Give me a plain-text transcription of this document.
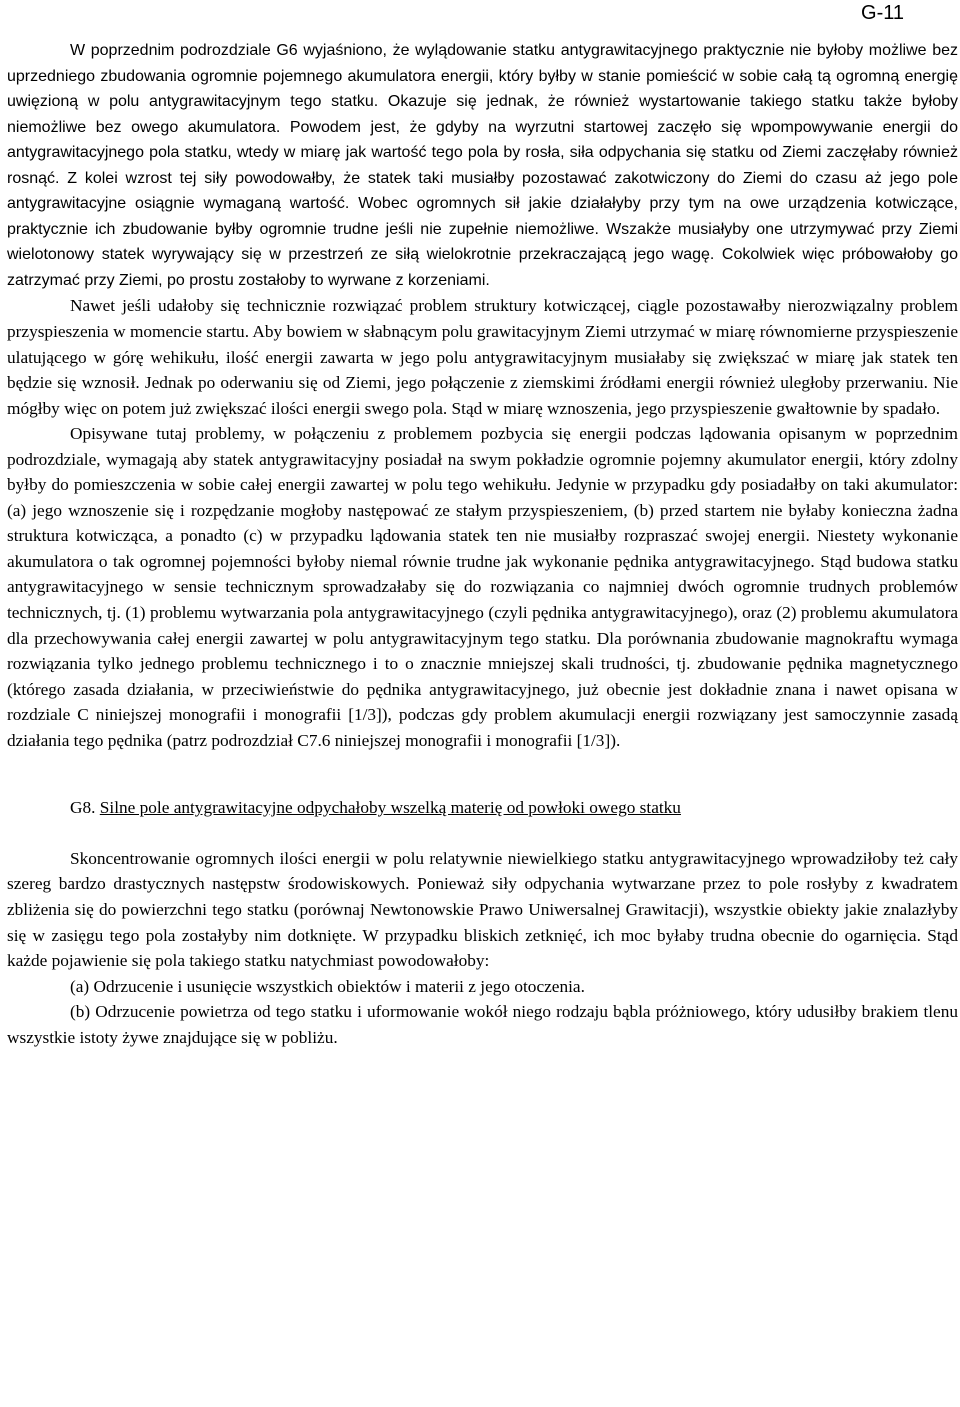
G-11

W poprzednim podrozdziale G6 wyjaśniono, że wylądowanie statku antygrawitacyjnego praktycznie nie byłoby możliwe bez uprzedniego zbudowania ogromnie pojemnego akumulatora energii, który byłby w stanie pomieścić w sobie całą tą ogromną energię uwięzioną w polu antygrawitacyjnym tego statku. Okazuje się jednak, że również wystartowanie takiego statku także byłoby niemożliwe bez owego akumulatora. Powodem jest, że gdyby na wyrzutni startowej zaczęło się wpompowywanie energii do antygrawitacyjnego pola statku, wtedy w miarę jak wartość tego pola by rosła, siła odpychania się statku od Ziemi zaczęłaby również rosnąć. Z kolei wzrost tej siły powodowałby, że statek taki musiałby pozostawać zakotwiczony do Ziemi do czasu aż jego pole antygrawitacyjne osiągnie wymaganą wartość. Wobec ogromnych sił jakie działałyby przy tym na owe urządzenia kotwiczące, praktycznie ich zbudowanie byłby ogromnie trudne jeśli nie zupełnie niemożliwe. Wszakże musiałyby one utrzymywać przy Ziemi wielotonowy statek wyrywający się w przestrzeń ze siłą wielokrotnie przekraczającą jego wagę. Cokolwiek więc próbowałoby go zatrzymać przy Ziemi, po prostu zostałoby to wyrwane z korzeniami.

Nawet jeśli udałoby się technicznie rozwiązać problem struktury kotwiczącej, ciągle pozostawałby nierozwiązalny problem przyspieszenia w momencie startu. Aby bowiem w słabnącym polu grawitacyjnym Ziemi utrzymać w miarę równomierne przyspieszenie ulatującego w górę wehikułu, ilość energii zawarta w jego polu antygrawitacyjnym musiałaby się zwiększać w miarę jak statek ten będzie się wznosił. Jednak po oderwaniu się od Ziemi, jego połączenie z ziemskimi źródłami energii również uległoby przerwaniu. Nie mógłby więc on potem już zwiększać ilości energii swego pola. Stąd w miarę wznoszenia, jego przyspieszenie gwałtownie by spadało.

Opisywane tutaj problemy, w połączeniu z problemem pozbycia się energii podczas lądowania opisanym w poprzednim podrozdziale, wymagają aby statek antygrawitacyjny posiadał na swym pokładzie ogromnie pojemny akumulator energii, który zdolny byłby do pomieszczenia w sobie całej energii zawartej w polu tego wehikułu. Jedynie w przypadku gdy posiadałby on taki akumulator: (a) jego wznoszenie się i rozpędzanie mogłoby następować ze stałym przyspieszeniem, (b) przed startem nie byłaby konieczna żadna struktura kotwicząca, a ponadto (c) w przypadku lądowania statek ten nie musiałby rozpraszać swojej energii. Niestety wykonanie akumulatora o tak ogromnej pojemności byłoby niemal równie trudne jak wykonanie pędnika antygrawitacyjnego. Stąd budowa statku antygrawitacyjnego w sensie technicznym sprowadzałaby się do rozwiązania co najmniej dwóch ogromnie trudnych problemów technicznych, tj. (1) problemu wytwarzania pola antygrawitacyjnego (czyli pędnika antygrawitacyjnego), oraz (2) problemu akumulatora dla przechowywania całej energii zawartej w polu antygrawitacyjnym tego statku. Dla porównania zbudowanie magnokraftu wymaga rozwiązania tylko jednego problemu technicznego i to o znacznie mniejszej skali trudności, tj. zbudowanie pędnika magnetycznego (którego zasada działania, w przeciwieństwie do pędnika antygrawitacyjnego, już obecnie jest dokładnie znana i nawet opisana w rozdziale C niniejszej monografii i monografii [1/3]), podczas gdy problem akumulacji energii rozwiązany jest samoczynnie zasadą działania tego pędnika (patrz podrozdział C7.6 niniejszej monografii i monografii [1/3]).

G8. Silne pole antygrawitacyjne odpychałoby wszelką materię od powłoki owego statku

Skoncentrowanie ogromnych ilości energii w polu relatywnie niewielkiego statku antygrawitacyjnego wprowadziłoby też cały szereg bardzo drastycznych następstw środowiskowych. Ponieważ siły odpychania wytwarzane przez to pole rosłyby z kwadratem zbliżenia się do powierzchni tego statku (porównaj Newtonowskie Prawo Uniwersalnej Grawitacji), wszystkie obiekty jakie znalazłyby się w zasięgu tego pola zostałyby nim dotknięte. W przypadku bliskich zetknięć, ich moc byłaby trudna obecnie do ogarnięcia. Stąd każde pojawienie się pola takiego statku natychmiast powodowałoby:

(a) Odrzucenie i usunięcie wszystkich obiektów i materii z jego otoczenia.

(b) Odrzucenie powietrza od tego statku i uformowanie wokół niego rodzaju bąbla próżniowego, który udusiłby brakiem tlenu wszystkie istoty żywe znajdujące się w pobliżu.
